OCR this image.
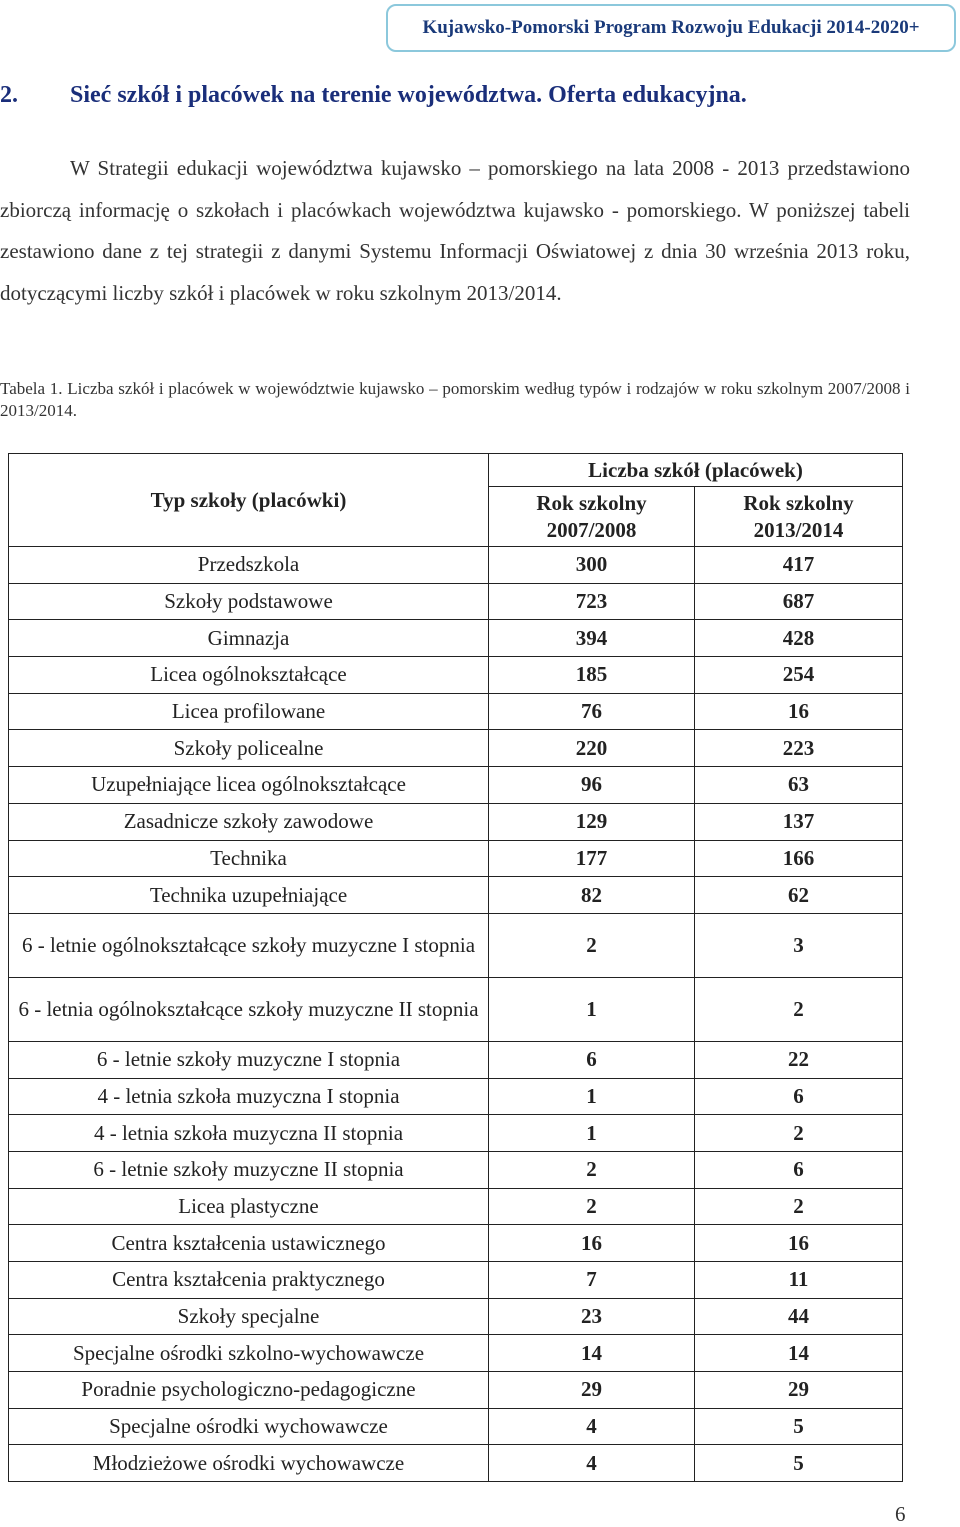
Kujawsko-Pomorski Program Rozwoju Edukacji 2014-2020+
2.	Sieć szkół i placówek na terenie województwa. Oferta edukacyjna.
W Strategii edukacji województwa kujawsko – pomorskiego na lata 2008 - 2013 przedstawiono zbiorczą informację o szkołach i placówkach województwa kujawsko - pomorskiego. W poniższej tabeli zestawiono dane z tej strategii z danymi Systemu Informacji Oświatowej z dnia 30 września 2013 roku, dotyczącymi liczby szkół i placówek w roku szkolnym 2013/2014.
Tabela 1. Liczba szkół i placówek w województwie kujawsko – pomorskim według typów i rodzajów w roku szkolnym 2007/2008 i 2013/2014.
Typ szkoły (placówki)	Liczba szkół (placówek)	
	Rok szkolny 2007/2008	Rok szkolny 2013/2014
Przedszkola	300	417
Szkoły podstawowe	723	687
Gimnazja	394	428
Licea ogólnokształcące	185	254
Licea profilowane	76	16
Szkoły policealne	220	223
Uzupełniające licea ogólnokształcące	96	63
Zasadnicze szkoły zawodowe	129	137
Technika	177	166
Technika uzupełniające	82	62
6 - letnie ogólnokształcące szkoły muzyczne I stopnia	2	3
6 - letnia ogólnokształcące szkoły muzyczne II stopnia	1	2
6 - letnie szkoły muzyczne I stopnia	6	22
4 - letnia szkoła muzyczna I stopnia	1	6
4 - letnia szkoła muzyczna II stopnia	1	2
6 - letnie szkoły muzyczne II stopnia	2	6
Licea plastyczne	2	2
Centra kształcenia ustawicznego	16	16
Centra kształcenia praktycznego	7	11
Szkoły specjalne	23	44
Specjalne ośrodki szkolno-wychowawcze	14	14
Poradnie psychologiczno-pedagogiczne	29	29
Specjalne ośrodki wychowawcze	4	5
Młodzieżowe ośrodki wychowawcze	4	5
6
